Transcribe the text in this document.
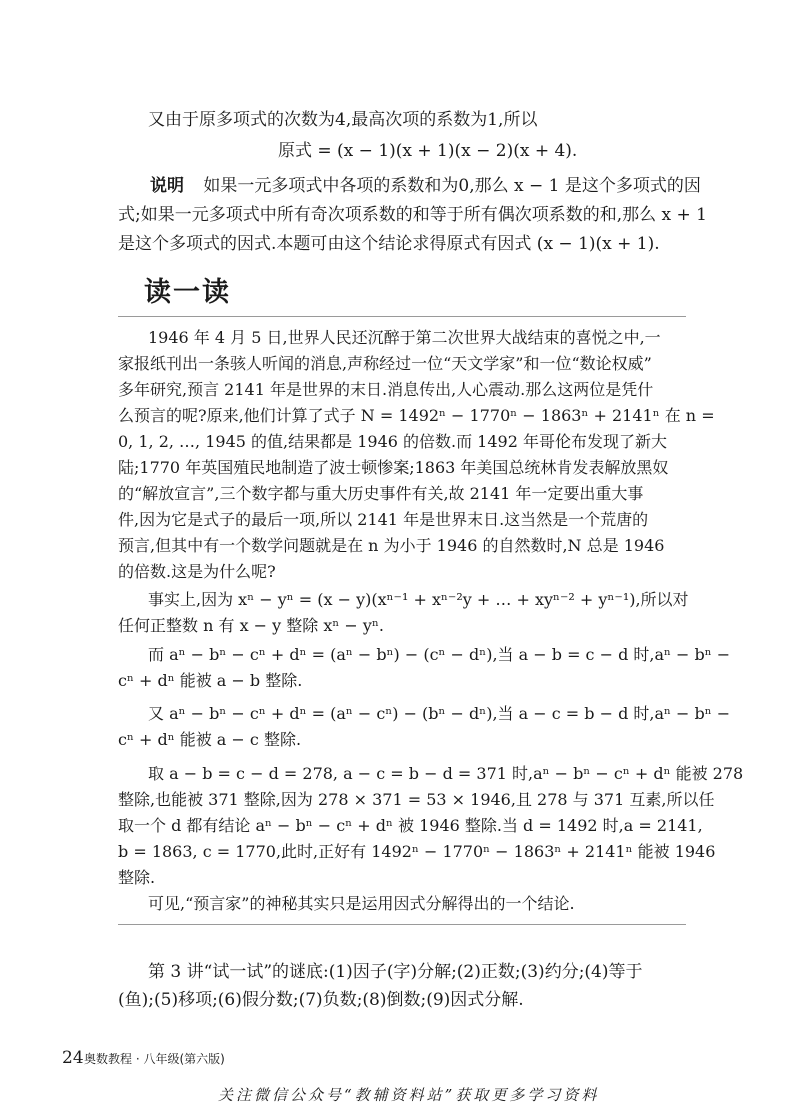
又由于原多项式的次数为4,最高次项的系数为1,所以
原式 = (x − 1)(x + 1)(x − 2)(x + 4).
说明 如果一元多项式中各项的系数和为0,那么 x − 1 是这个多项式的因
式;如果一元多项式中所有奇次项系数的和等于所有偶次项系数的和,那么 x + 1
是这个多项式的因式.本题可由这个结论求得原式有因式 (x − 1)(x + 1).
读一读
1946 年 4 月 5 日,世界人民还沉醉于第二次世界大战结束的喜悦之中,一
家报纸刊出一条骇人听闻的消息,声称经过一位“天文学家”和一位“数论权威”
多年研究,预言 2141 年是世界的末日.消息传出,人心震动.那么这两位是凭什
么预言的呢?原来,他们计算了式子 N = 1492ⁿ − 1770ⁿ − 1863ⁿ + 2141ⁿ 在 n =
0, 1, 2, …, 1945 的值,结果都是 1946 的倍数.而 1492 年哥伦布发现了新大
陆;1770 年英国殖民地制造了波士顿惨案;1863 年美国总统林肯发表解放黑奴
的“解放宣言”,三个数字都与重大历史事件有关,故 2141 年一定要出重大事
件,因为它是式子的最后一项,所以 2141 年是世界末日.这当然是一个荒唐的
预言,但其中有一个数学问题就是在 n 为小于 1946 的自然数时,N 总是 1946
的倍数.这是为什么呢?
事实上,因为 xⁿ − yⁿ = (x − y)(xⁿ⁻¹ + xⁿ⁻²y + … + xyⁿ⁻² + yⁿ⁻¹),所以对
任何正整数 n 有 x − y 整除 xⁿ − yⁿ.
而 aⁿ − bⁿ − cⁿ + dⁿ = (aⁿ − bⁿ) − (cⁿ − dⁿ),当 a − b = c − d 时,aⁿ − bⁿ −
cⁿ + dⁿ 能被 a − b 整除.
又 aⁿ − bⁿ − cⁿ + dⁿ = (aⁿ − cⁿ) − (bⁿ − dⁿ),当 a − c = b − d 时,aⁿ − bⁿ −
cⁿ + dⁿ 能被 a − c 整除.
取 a − b = c − d = 278, a − c = b − d = 371 时,aⁿ − bⁿ − cⁿ + dⁿ 能被 278
整除,也能被 371 整除,因为 278 × 371 = 53 × 1946,且 278 与 371 互素,所以任
取一个 d 都有结论 aⁿ − bⁿ − cⁿ + dⁿ 被 1946 整除.当 d = 1492 时,a = 2141,
b = 1863, c = 1770,此时,正好有 1492ⁿ − 1770ⁿ − 1863ⁿ + 2141ⁿ 能被 1946
整除.
可见,“预言家”的神秘其实只是运用因式分解得出的一个结论.
第 3 讲“试一试”的谜底:(1)因子(字)分解;(2)正数;(3)约分;(4)等于
(鱼);(5)移项;(6)假分数;(7)负数;(8)倒数;(9)因式分解.
24 奥数教程 · 八年级(第六版)
关注微信公众号“教辅资料站”获取更多学习资料
